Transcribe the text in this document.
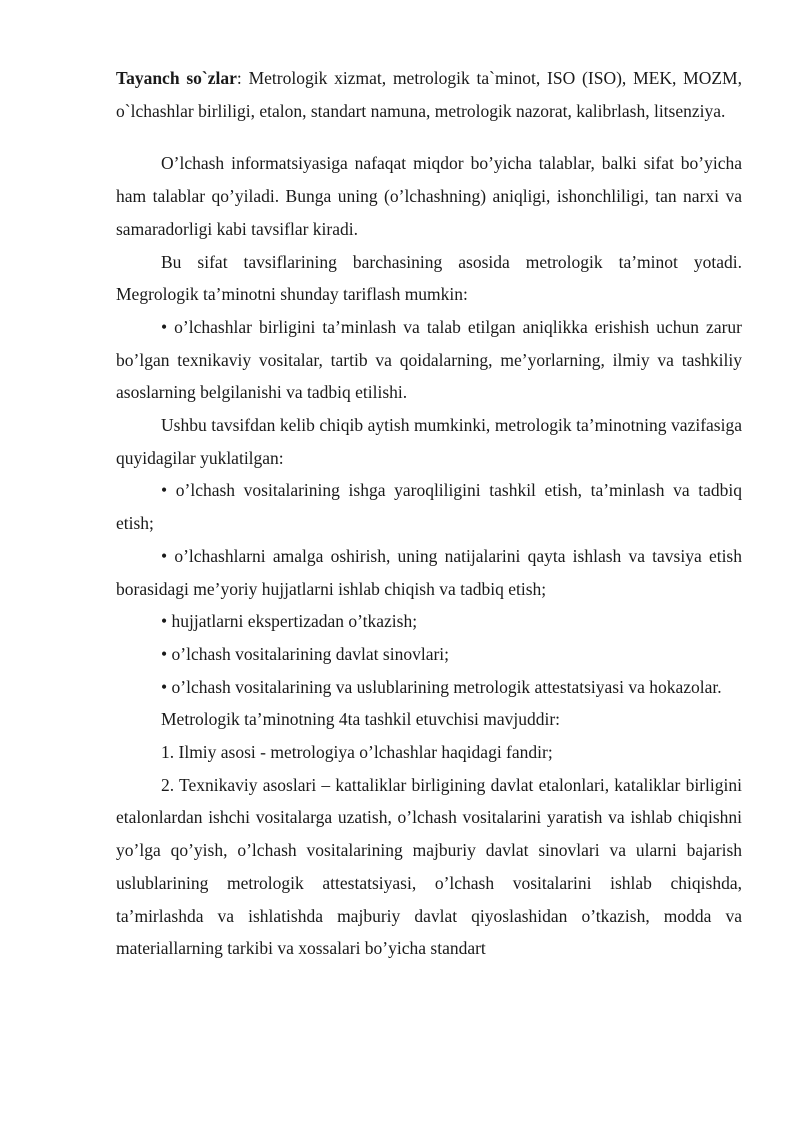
Tayanch so`zlar: Metrologik xizmat, metrologik ta`minot, ISO (ISO), MEK, MOZM, o`lchashlar birliligi, etalon, standart namuna, metrologik nazorat, kalibrlash, litsenziya.

O’lchash informatsiyasiga nafaqat miqdor bo’yicha talablar, balki sifat bo’yicha ham talablar qo’yiladi. Bunga uning (o’lchashning) aniqligi, ishonchliligi, tan narxi va samaradorligi kabi tavsiflar kiradi.

Bu sifat tavsiflarining barchasining asosida metrologik ta’minot yotadi. Megrologik ta’minotni shunday tariflash mumkin:

• o’lchashlar birligini ta’minlash va talab etilgan aniqlikka erishish uchun zarur bo’lgan texnikaviy vositalar, tartib va qoidalarning, me’yorlarning, ilmiy va tashkiliy asoslarning belgilanishi va tadbiq etilishi.

Ushbu tavsifdan kelib chiqib aytish mumkinki, metrologik ta’minotning vazifasiga quyidagilar yuklatilgan:

• o’lchash vositalarining ishga yaroqliligini tashkil etish, ta’minlash va tadbiq etish;

• o’lchashlarni amalga oshirish, uning natijalarini qayta ishlash va tavsiya etish borasidagi me’yoriy hujjatlarni ishlab chiqish va tadbiq etish;

• hujjatlarni ekspertizadan o’tkazish;

• o’lchash vositalarining davlat sinovlari;

• o’lchash vositalarining va uslublarining metrologik attestatsiyasi va hokazolar.

Metrologik ta’minotning 4ta tashkil etuvchisi mavjuddir:

1. Ilmiy asosi - metrologiya o’lchashlar haqidagi fandir;

2. Texnikaviy asoslari – kattaliklar birligining davlat etalonlari, kataliklar birligini etalonlardan ishchi vositalarga uzatish, o’lchash vositalarini yaratish va ishlab chiqishni yo’lga qo’yish, o’lchash vositalarining majburiy davlat sinovlari va ularni bajarish uslublarining metrologik attestatsiyasi, o’lchash vositalarini ishlab chiqishda, ta’mirlashda va ishlatishda majburiy davlat qiyoslashidan o’tkazish, modda va materiallarning tarkibi va xossalari bo’yicha standart
